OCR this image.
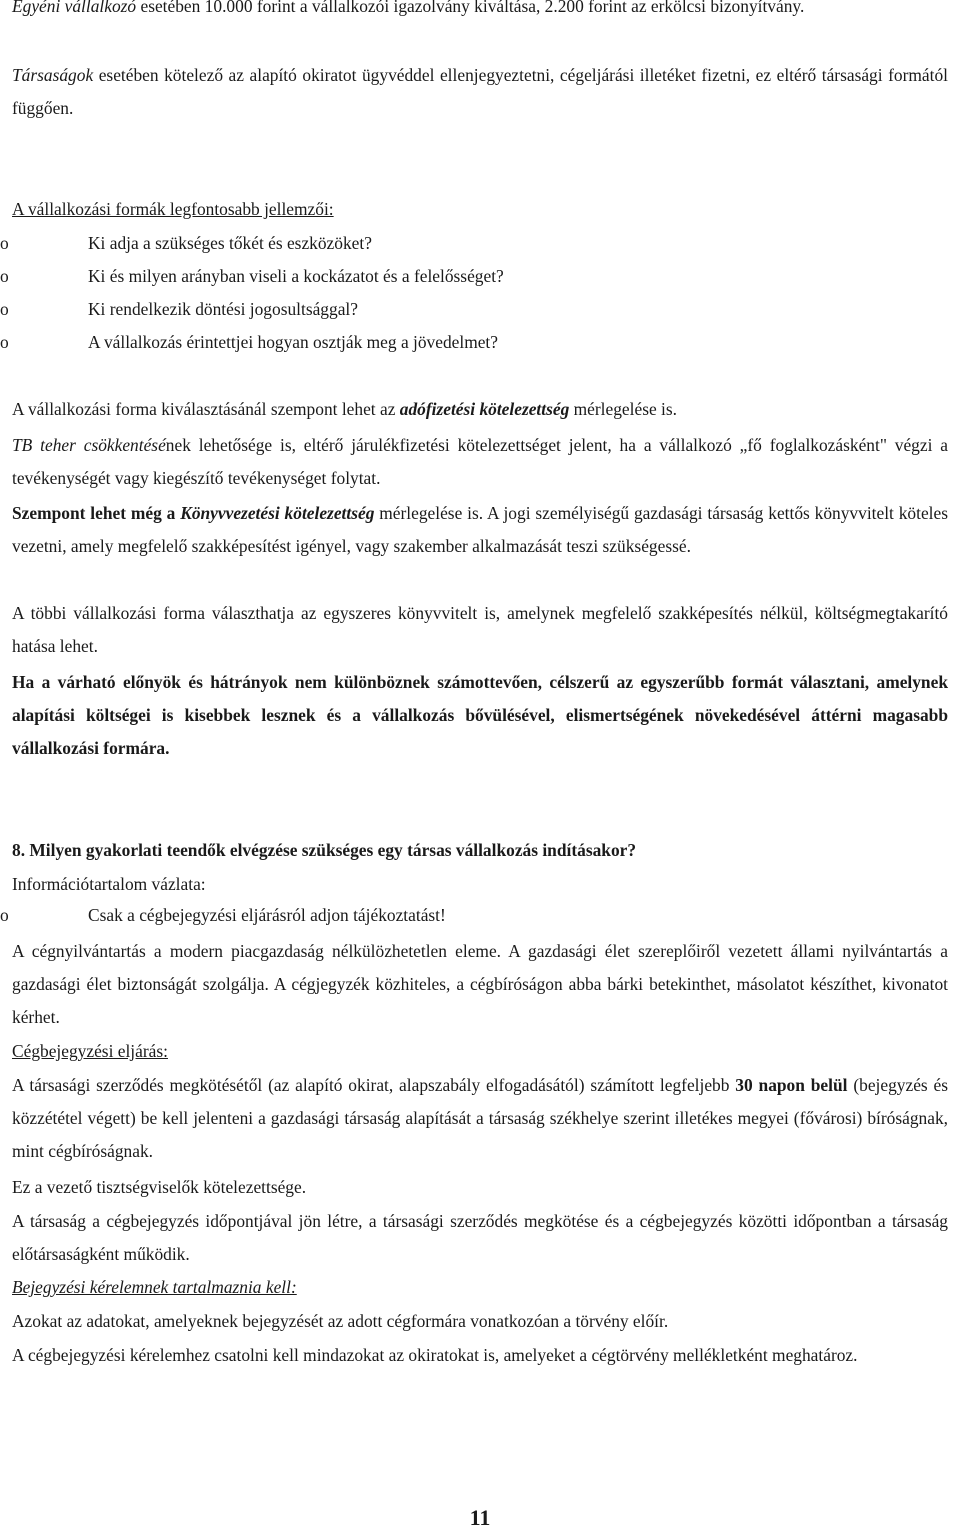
Egyéni vállalkozó esetében 10.000 forint a vállalkozói igazolvány kiváltása, 2.200 forint az erkölcsi bizonyítvány.

Társaságok esetében kötelező az alapító okiratot ügyvéddel ellenjegyeztetni, cégeljárási illetéket fizetni, ez eltérő társasági formától függően.

A vállalkozási formák legfontosabb jellemzői:

o	Ki adja a szükséges tőkét és eszközöket?
o	Ki és milyen arányban viseli a kockázatot és a felelősséget?
o	Ki rendelkezik döntési jogosultsággal?
o	A vállalkozás érintettjei hogyan osztják meg a jövedelmet?

A vállalkozási forma kiválasztásánál szempont lehet az adófizetési kötelezettség mérlegelése is.

TB teher csökkentésének lehetősége is, eltérő járulékfizetési kötelezettséget jelent, ha a vállalkozó „fő foglalkozásként" végzi a tevékenységét vagy kiegészítő tevékenységet folytat.

Szempont lehet még a Könyvvezetési kötelezettség mérlegelése is. A jogi személyiségű gazdasági társaság kettős könyvvitelt köteles vezetni, amely megfelelő szakképesítést igényel, vagy szakember alkalmazását teszi szükségessé.

A többi vállalkozási forma választhatja az egyszeres könyvvitelt is, amelynek megfelelő szakképesítés nélkül, költségmegtakarító hatása lehet.

Ha a várható előnyök és hátrányok nem különböznek számottevően, célszerű az egyszerűbb formát választani, amelynek alapítási költségei is kisebbek lesznek és a vállalkozás bővülésével, elismertségének növekedésével áttérni magasabb vállalkozási formára.

8. Milyen gyakorlati teendők elvégzése szükséges egy társas vállalkozás indításakor?

Információtartalom vázlata:

o	Csak a cégbejegyzési eljárásról adjon tájékoztatást!

A cégnyilvántartás a modern piacgazdaság nélkülözhetetlen eleme. A gazdasági élet szereplőiről vezetett állami nyilvántartás a gazdasági élet biztonságát szolgálja. A cégjegyzék közhiteles, a cégbíróságon abba bárki betekinthet, másolatot készíthet, kivonatot kérhet.

Cégbejegyzési eljárás:

A társasági szerződés megkötésétől (az alapító okirat, alapszabály elfogadásától) számított legfeljebb 30 napon belül (bejegyzés és közzététel végett) be kell jelenteni a gazdasági társaság alapítását a társaság székhelye szerint illetékes megyei (fővárosi) bíróságnak, mint cégbíróságnak.

Ez a vezető tisztségviselők kötelezettsége.

A társaság a cégbejegyzés időpontjával jön létre, a társasági szerződés megkötése és a cégbejegyzés közötti időpontban a társaság előtársaságként működik.

Bejegyzési kérelemnek tartalmaznia kell:

Azokat az adatokat, amelyeknek bejegyzését az adott cégformára vonatkozóan a törvény előír.

A cégbejegyzési kérelemhez csatolni kell mindazokat az okiratokat is, amelyeket a cégtörvény mellékletként meghatároz.

11
